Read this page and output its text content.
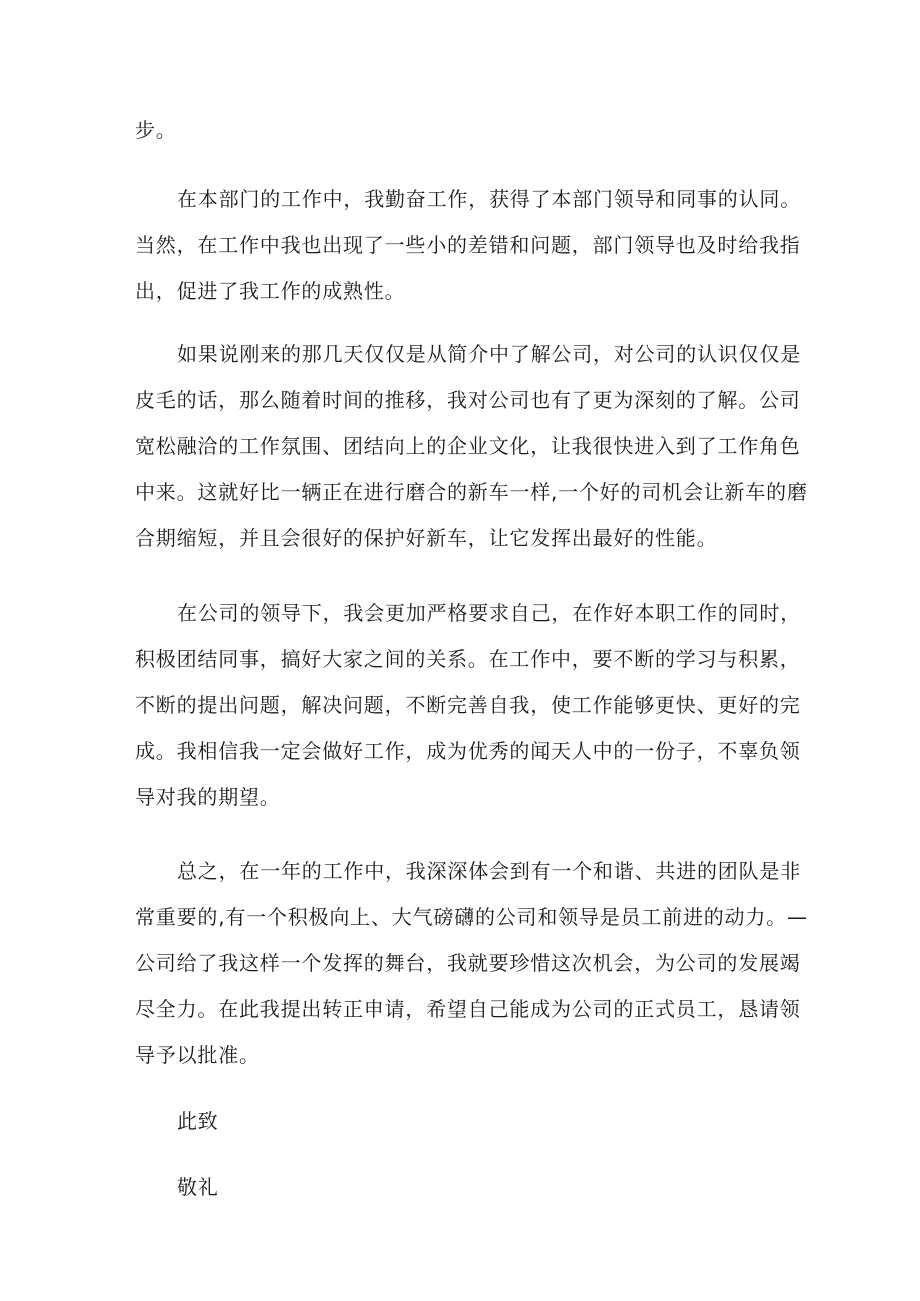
步。
在本部门的工作中，我勤奋工作，获得了本部门领导和同事的认同。
当然，在工作中我也出现了一些小的差错和问题，部门领导也及时给我指
出，促进了我工作的成熟性。
如果说刚来的那几天仅仅是从简介中了解公司，对公司的认识仅仅是
皮毛的话，那么随着时间的推移，我对公司也有了更为深刻的了解。公司
宽松融洽的工作氛围、团结向上的企业文化，让我很快进入到了工作角色
中来。这就好比一辆正在进行磨合的新车一样,一个好的司机会让新车的磨
合期缩短，并且会很好的保护好新车，让它发挥出最好的性能。
在公司的领导下，我会更加严格要求自己，在作好本职工作的同时，
积极团结同事，搞好大家之间的关系。在工作中，要不断的学习与积累，
不断的提出问题，解决问题，不断完善自我，使工作能够更快、更好的完
成。我相信我一定会做好工作，成为优秀的闻天人中的一份子，不辜负领
导对我的期望。
总之，在一年的工作中，我深深体会到有一个和谐、共进的团队是非
常重要的,有一个积极向上、大气磅礴的公司和领导是员工前进的动力。—
公司给了我这样一个发挥的舞台，我就要珍惜这次机会，为公司的发展竭
尽全力。在此我提出转正申请，希望自己能成为公司的正式员工，恳请领
导予以批准。
此致
敬礼
